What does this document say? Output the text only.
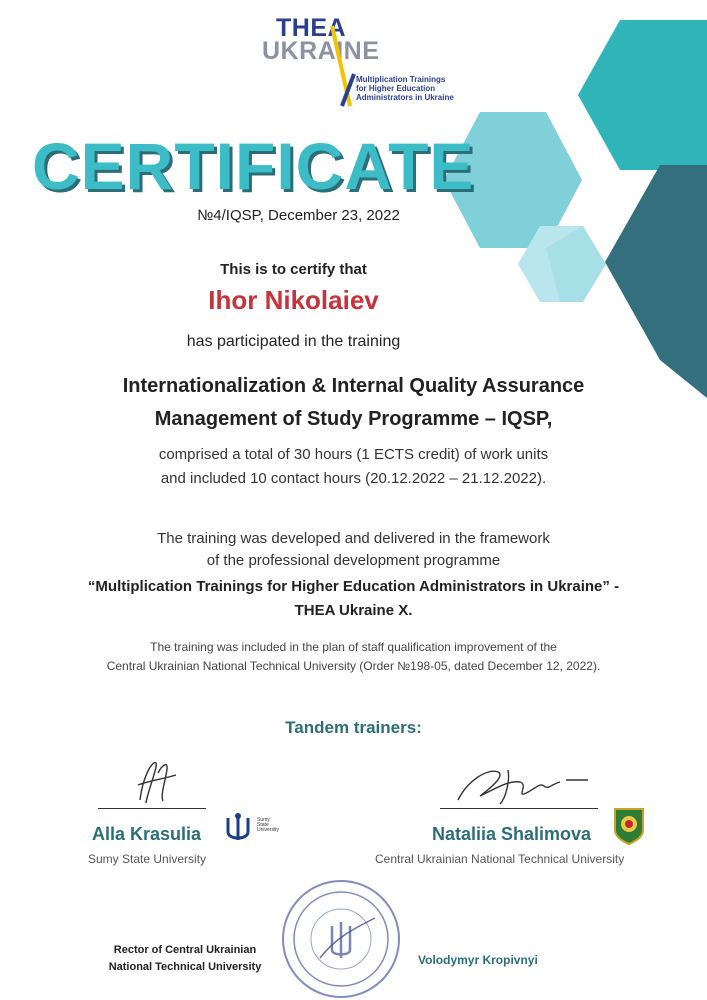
THEA
UKRAINE
Multiplication Trainings
for Higher Education
Administrators in Ukraine
CERTIFICATE
№4/IQSP, December 23, 2022
This is to certify that
Ihor Nikolaiev
has participated in the training
Internationalization & Internal Quality Assurance
Management of Study Programme – IQSP,
comprised a total of 30 hours (1 ECTS credit) of work units
and included 10 contact hours (20.12.2022 – 21.12.2022).
The training was developed and delivered in the framework
of the professional development programme
“Multiplication Trainings for Higher Education Administrators in Ukraine” -
THEA Ukraine X.
The training was included in the plan of staff qualification improvement of the
Central Ukrainian National Technical University (Order №198-05, dated December 12, 2022).
Tandem trainers:
Alla Krasulia
Sumy State University
Sumy
State
University	Nataliia Shalimova
Central Ukrainian National Technical University
Rector of Central Ukrainian
National Technical University	Volodymyr Kropivnyi
